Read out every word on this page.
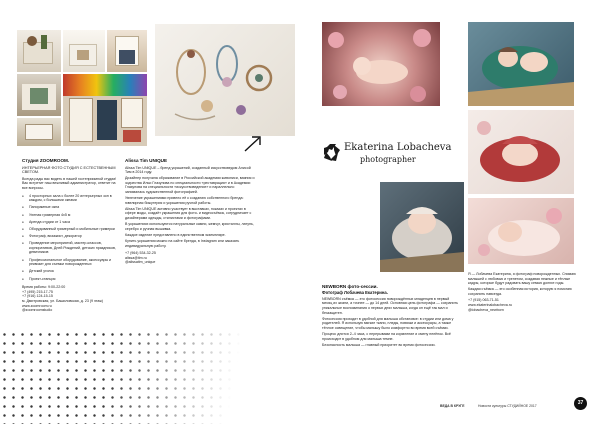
Студия ZOOMROOM.
ИНТЕРЬЕРНАЯ ФОТО СТУДИЯ С ЕСТЕСТВЕННЫМ СВЕТОМ.

Всегда рады вас видеть в нашей гостеприимной студии! Вас встретит наш вежливый администратор, ответит на все вопросы.

● 4 просторных зала с более 20 интерьерных зон в каждом, с большими окнами
● Панорамные окна
● Уютная гримерная 4х5 м
● Аренда студии от 1 часа
● Оборудованный гримерный и мобильные гримерки
● Фотограф, визажист, декоратор
● Проведение мероприятий, мастер-классов, корпоративов, Дней Рождений, детских праздников, девичников
● Профессиональное оборудование, аксессуары и реквизит для съемки новорожденных
● Детский уголок
● Проект-станция
Время работы: 9:00-22:00
+7 (495) 215-17-75
+7 (916) 124-15-15
м. Дмитровская, ул. Башиловская, д. 23 (9 этаж)
www.zoomroom.ru
@zoomroomstudio
Alissa Tim UNIQUE

Alissa Tim UNIQUE – бренд украшений, созданный искусствоведом Алисой Тим в 2014 году.

Дизайнер получила образование в Российской академии живописи, ваяния и зодчества Ильи Глазунова по специальности «реставрация» и в Академии Глазунова на специальности «искусствоведение» и параллельно занималась художественной фотографией.

Увлечение украшениями привело её к созданию собственного бренда: ювелирная бижутерия и украшения ручной работы.

Alissa Tim UNIQUE активно участвует в выставках, показах и проектах в сфере моды, создаёт украшения для фото- и видеосъёмок, сотрудничает с дизайнерами одежды, стилистами и фотографами.

В украшениях используются натуральные камни, жемчуг, кристаллы, латунь, серебро и ручная вышивка.

Каждое изделие представлено в единственном экземпляре.

Купить украшения можно на сайте бренда, в Instagram или заказать индивидуальную работу.

+7 (964) 534-32-25
alissa@tim.ru
@alissatim_unique
Ekaterina Lobacheva
photographer
NEWBORN фото-сессии.
Фотограф Лобачева Екатерина.

NEWBORN съёмка — это фотосессия новорождённых младенцев в первый месяц их жизни, а точнее — до 14 дней. Основная цель фотографа — сохранить уникальные воспоминания о первых днях малыша, когда он ещё так мал и беззащитен.

Фотосессия проходит в удобной для малыша обстановке: в студии или дома у родителей. Я использую мягкие ткани, пледы, повязки и аксессуары, а также тёплое освещение, чтобы малышу было комфортно во время всей съёмки.

Процесс длится 2–4 часа, с перерывами на кормление и смену пелёнок. Всё происходит в удобном для малыша темпе.

Безопасность малыша — главный приоритет во время фотосессии.

Я — Лобачева Екатерина, я фотограф новорожденных. Снимаю малышей с любовью и трепетом, создавая нежные и тёплые кадры, которые будут радовать вашу семью долгие годы.

Каждая съёмка — это особенная история, которую я помогаю сохранить навсегда.

+7 (915) 063-71-51
www.ekaterinalobacheva.ru
@lobacheva_newborn
ВЕДА В КРУГЕ	Новости культуры СТУДИЙНОЕ 2017	37
